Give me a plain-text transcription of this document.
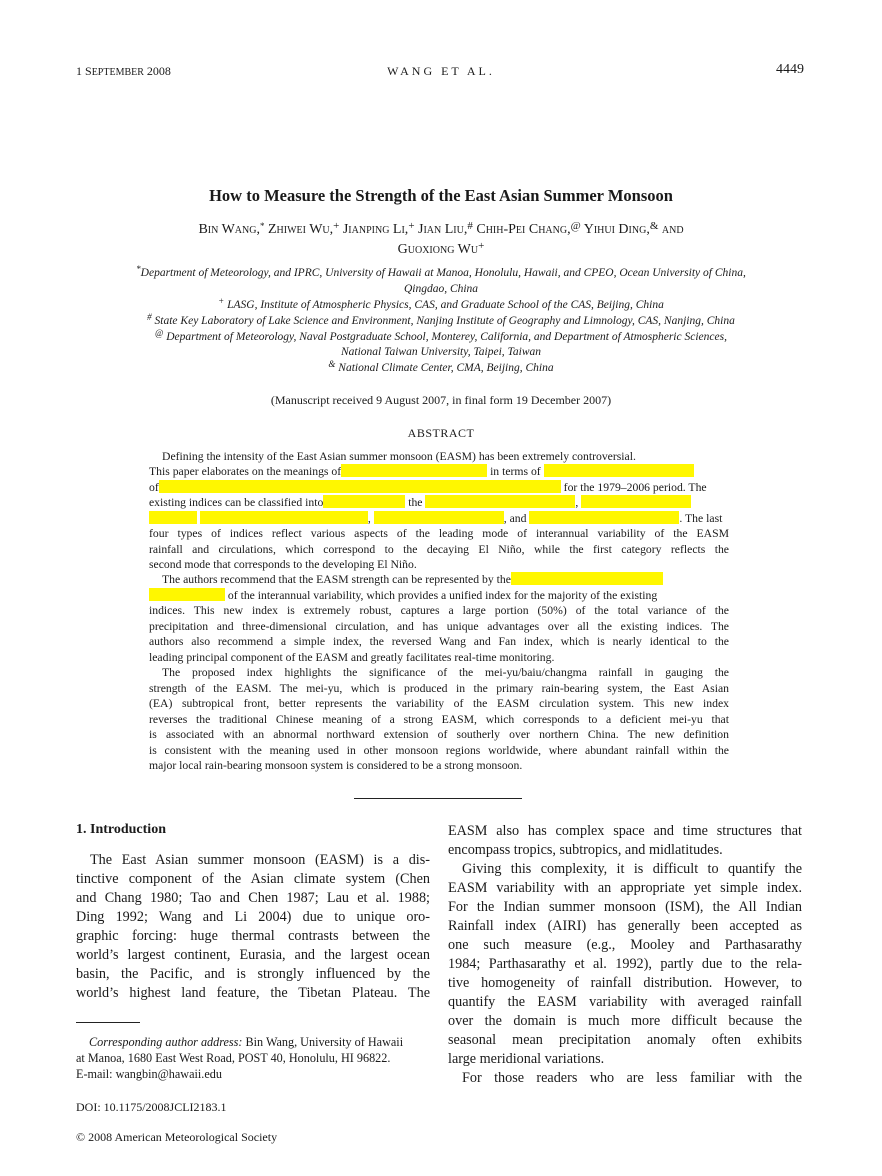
1 SEPTEMBER 2008	WANG ET AL.	4449
How to Measure the Strength of the East Asian Summer Monsoon
Bin Wang,* Zhiwei Wu,+ Jianping Li,+ Jian Liu,# Chih-Pei Chang,@ Yihui Ding,& and
Guoxiong Wu+
*Department of Meteorology, and IPRC, University of Hawaii at Manoa, Honolulu, Hawaii, and CPEO, Ocean University of China,
Qingdao, China
+ LASG, Institute of Atmospheric Physics, CAS, and Graduate School of the CAS, Beijing, China
# State Key Laboratory of Lake Science and Environment, Nanjing Institute of Geography and Limnology, CAS, Nanjing, China
@ Department of Meteorology, Naval Postgraduate School, Monterey, California, and Department of Atmospheric Sciences,
National Taiwan University, Taipei, Taiwan
& National Climate Center, CMA, Beijing, China
(Manuscript received 9 August 2007, in final form 19 December 2007)
ABSTRACT
Defining the intensity of the East Asian summer monsoon (EASM) has been extremely controversial.
This paper elaborates on the meanings of	in terms of
of	for the 1979–2006 period. The
existing indices can be classified into	the	,
,	, and	. The last
four types of indices reflect various aspects of the leading mode of interannual variability of the EASM
rainfall and circulations, which correspond to the decaying El Niño, while the first category reflects the
second mode that corresponds to the developing El Niño.
The authors recommend that the EASM strength can be represented by the
of the interannual variability, which provides a unified index for the majority of the existing
indices. This new index is extremely robust, captures a large portion (50%) of the total variance of the
precipitation and three-dimensional circulation, and has unique advantages over all the existing indices. The
authors also recommend a simple index, the reversed Wang and Fan index, which is nearly identical to the
leading principal component of the EASM and greatly facilitates real-time monitoring.
The proposed index highlights the significance of the mei-yu/baiu/changma rainfall in gauging the
strength of the EASM. The mei-yu, which is produced in the primary rain-bearing system, the East Asian
(EA) subtropical front, better represents the variability of the EASM circulation system. This new index
reverses the traditional Chinese meaning of a strong EASM, which corresponds to a deficient mei-yu that
is associated with an abnormal northward extension of southerly over northern China. The new definition
is consistent with the meaning used in other monsoon regions worldwide, where abundant rainfall within the
major local rain-bearing monsoon system is considered to be a strong monsoon.
1. Introduction
The East Asian summer monsoon (EASM) is a dis-
tinctive component of the Asian climate system (Chen
and Chang 1980; Tao and Chen 1987; Lau et al. 1988;
Ding 1992; Wang and Li 2004) due to unique oro-
graphic forcing: huge thermal contrasts between the
world’s largest continent, Eurasia, and the largest ocean
basin, the Pacific, and is strongly influenced by the
world’s highest land feature, the Tibetan Plateau. The
Corresponding author address: Bin Wang, University of Hawaii
at Manoa, 1680 East West Road, POST 40, Honolulu, HI 96822.
E-mail: wangbin@hawaii.edu
DOI: 10.1175/2008JCLI2183.1
© 2008 American Meteorological Society
EASM also has complex space and time structures that
encompass tropics, subtropics, and midlatitudes.
Giving this complexity, it is difficult to quantify the
EASM variability with an appropriate yet simple index.
For the Indian summer monsoon (ISM), the All Indian
Rainfall index (AIRI) has generally been accepted as
one such measure (e.g., Mooley and Parthasarathy
1984; Parthasarathy et al. 1992), partly due to the rela-
tive homogeneity of rainfall distribution. However, to
quantify the EASM variability with averaged rainfall
over the domain is much more difficult because the
seasonal mean precipitation anomaly often exhibits
large meridional variations.
For those readers who are less familiar with the
